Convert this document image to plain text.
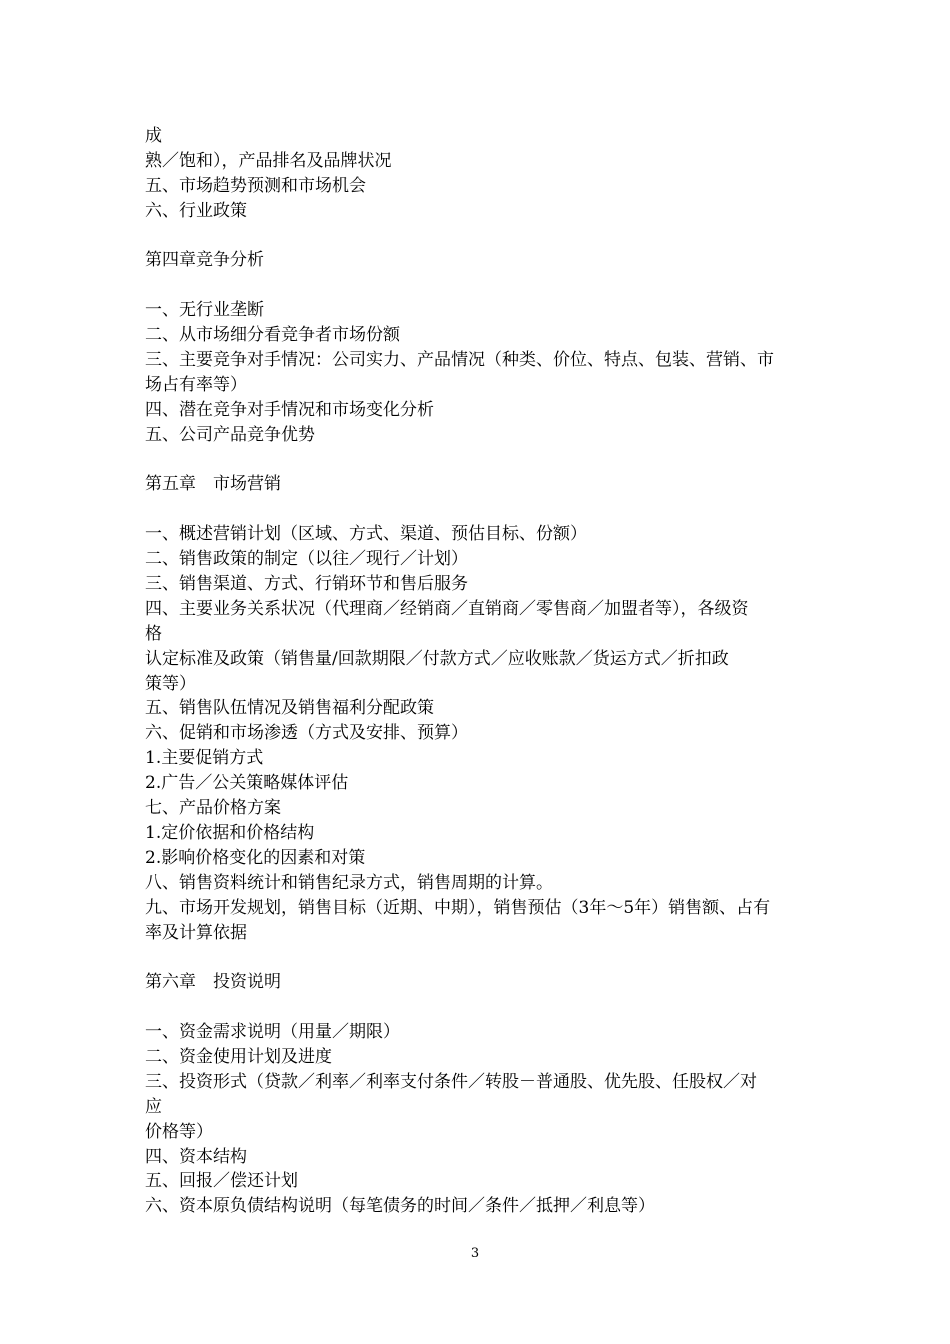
成

熟／饱和），产品排名及品牌状况

五、市场趋势预测和市场机会

六、行业政策

第四章竞争分析

一、无行业垄断

二、从市场细分看竞争者市场份额

三、主要竞争对手情况：公司实力、产品情况（种类、价位、特点、包装、营销、市

场占有率等）

四、潜在竞争对手情况和市场变化分析

五、公司产品竞争优势

第五章　市场营销

一、概述营销计划（区域、方式、渠道、预估目标、份额）

二、销售政策的制定（以往／现行／计划）

三、销售渠道、方式、行销环节和售后服务

四、主要业务关系状况（代理商／经销商／直销商／零售商／加盟者等），各级资

格

认定标准及政策（销售量/回款期限／付款方式／应收账款／货运方式／折扣政

策等）

五、销售队伍情况及销售福利分配政策

六、促销和市场渗透（方式及安排、预算）

1.主要促销方式

2.广告／公关策略媒体评估

七、产品价格方案

1.定价依据和价格结构

2.影响价格变化的因素和对策

八、销售资料统计和销售纪录方式，销售周期的计算。

九、市场开发规划，销售目标（近期、中期），销售预估（3年～5年）销售额、占有

率及计算依据

第六章　投资说明

一、资金需求说明（用量／期限）

二、资金使用计划及进度

三、投资形式（贷款／利率／利率支付条件／转股－普通股、优先股、任股权／对

应

价格等）

四、资本结构

五、回报／偿还计划

六、资本原负债结构说明（每笔债务的时间／条件／抵押／利息等）

3
